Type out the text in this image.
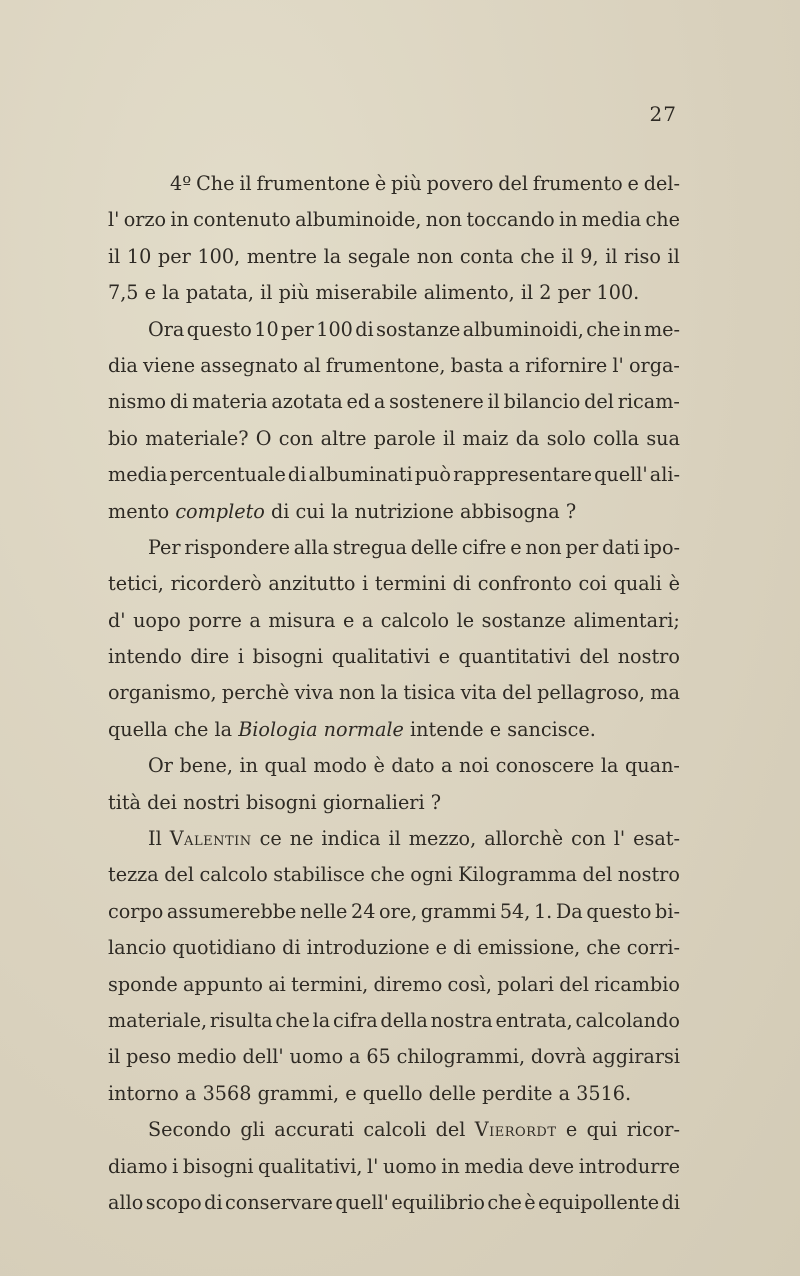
27
4º Che il frumentone è più povero del frumento e del-
l' orzo in contenuto albuminoide, non toccando in media che
il 10 per 100, mentre la segale non conta che il 9, il riso il
7,5 e la patata, il più miserabile alimento, il 2 per 100.
Ora questo 10 per 100 di sostanze albuminoidi, che in me-
dia viene assegnato al frumentone, basta a rifornire l' orga-
nismo di materia azotata ed a sostenere il bilancio del ricam-
bio materiale? O con altre parole il maiz da solo colla sua
media percentuale di albuminati può rappresentare quell' ali-
mento completo di cui la nutrizione abbisogna ?
Per rispondere alla stregua delle cifre e non per dati ipo-
tetici, ricorderò anzitutto i termini di confronto coi quali è
d' uopo porre a misura e a calcolo le sostanze alimentari;
intendo dire i bisogni qualitativi e quantitativi del nostro
organismo, perchè viva non la tisica vita del pellagroso, ma
quella che la Biologia normale intende e sancisce.
Or bene, in qual modo è dato a noi conoscere la quan-
tità dei nostri bisogni giornalieri ?
Il Valentin ce ne indica il mezzo, allorchè con l' esat-
tezza del calcolo stabilisce che ogni Kilogramma del nostro
corpo assumerebbe nelle 24 ore, grammi 54, 1. Da questo bi-
lancio quotidiano di introduzione e di emissione, che corri-
sponde appunto ai termini, diremo così, polari del ricambio
materiale, risulta che la cifra della nostra entrata, calcolando
il peso medio dell' uomo a 65 chilogrammi, dovrà aggirarsi
intorno a 3568 grammi, e quello delle perdite a 3516.
Secondo gli accurati calcoli del Vierordt e qui ricor-
diamo i bisogni qualitativi, l' uomo in media deve introdurre
allo scopo di conservare quell' equilibrio che è equipollente di
